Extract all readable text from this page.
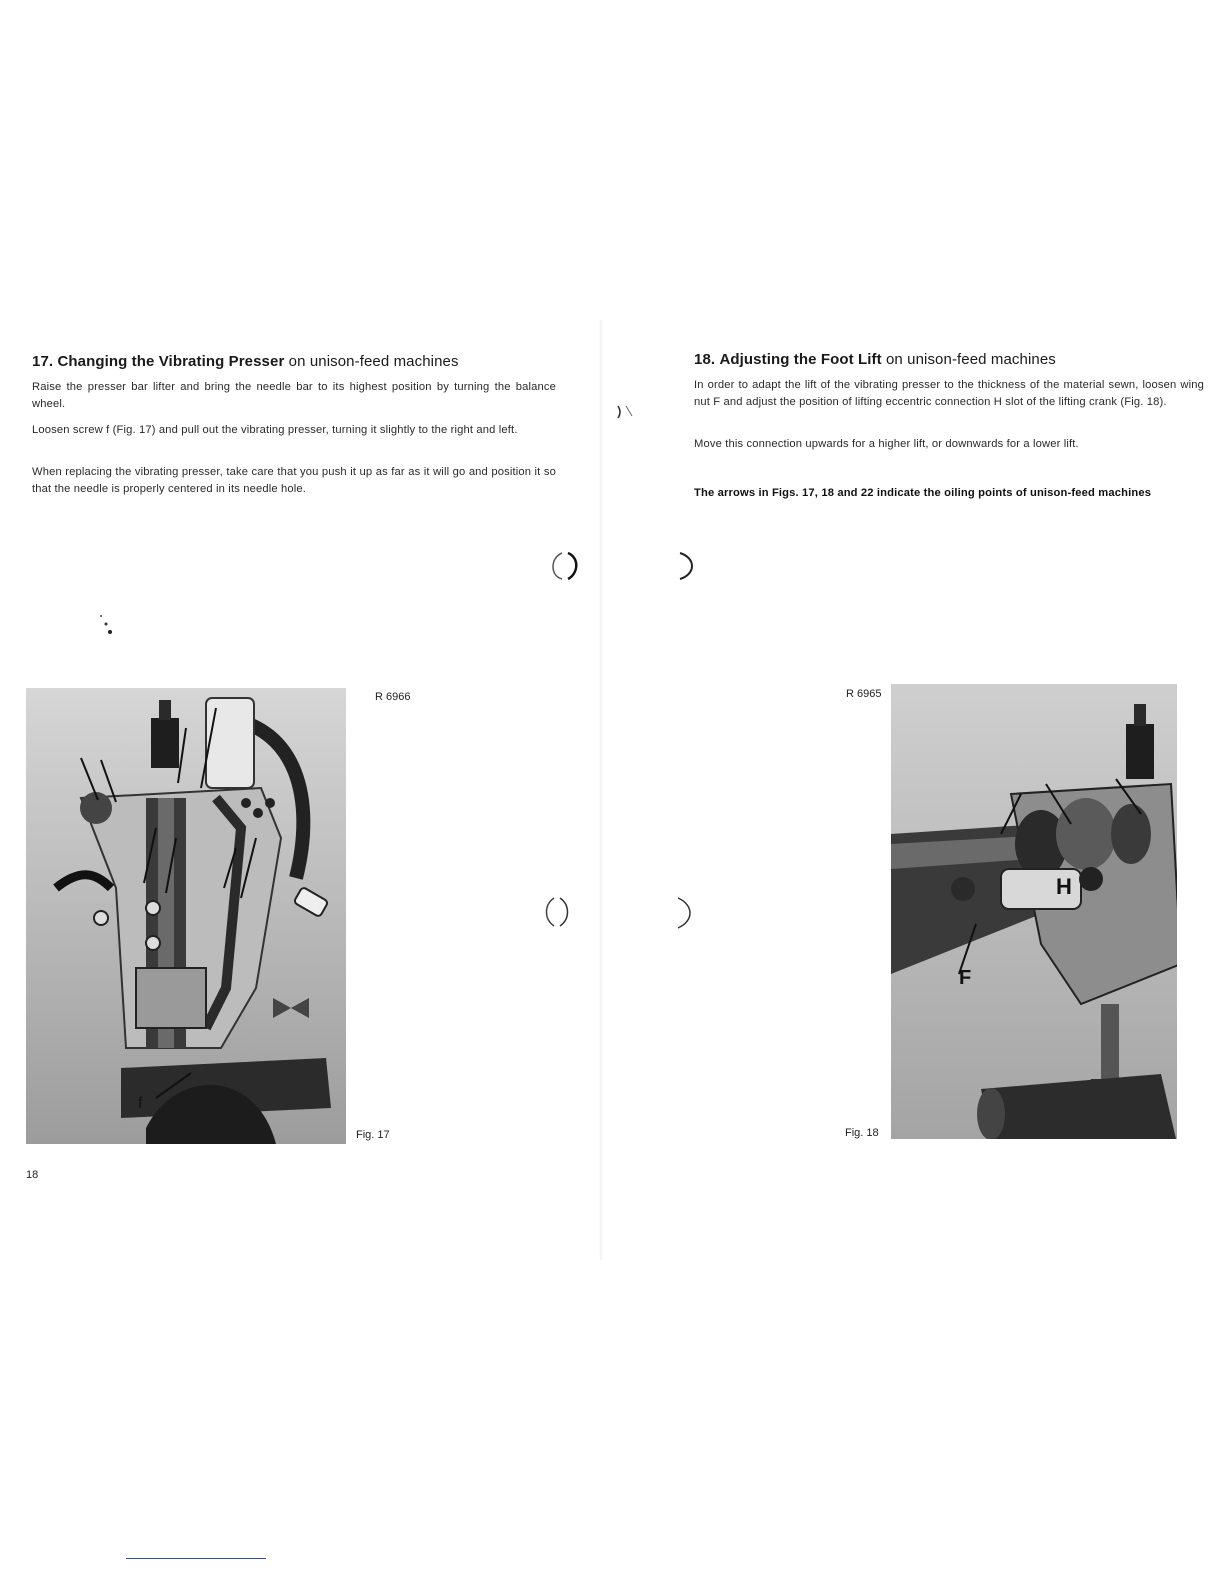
17. Changing the Vibrating Presser on unison-feed machines
Raise the presser bar lifter and bring the needle bar to its highest position by turning the balance wheel.
Loosen screw f (Fig. 17) and pull out the vibrating presser, turning it slightly to the right and left.
When replacing the vibrating presser, take care that you push it up as far as it will go and position it so that the needle is properly centered in its needle hole.
f
R 6966
Fig. 17
18
18. Adjusting the Foot Lift on unison-feed machines
In order to adapt the lift of the vibrating presser to the thickness of the material sewn, loosen wing nut F and adjust the position of lifting eccentric connection H slot of the lifting crank (Fig. 18).
Move this connection upwards for a higher lift, or downwards for a lower lift.
The arrows in Figs. 17, 18 and 22 indicate the oiling points of unison-feed machines
H
F
R 6965
Fig. 18
